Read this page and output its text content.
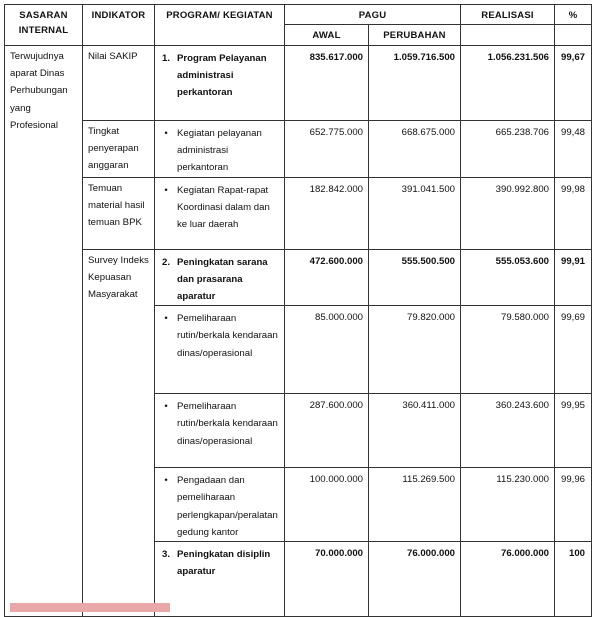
SASARAN INTERNAL	INDIKATOR	PROGRAM/ KEGIATAN	PAGU		REALISASI	%

			AWAL	PERUBAHAN		

Terwujudnya aparat Dinas Perhubungan yang Profesional	Nilai SAKIP	1. Program Pelayanan administrasi perkantoran	835.617.000	1.059.716.500	1.056.231.506	99,67
	Tingkat penyerapan anggaran	• Kegiatan pelayanan administrasi perkantoran	652.775.000	668.675.000	665.238.706	99,48
	Temuan material hasil temuan BPK	• Kegiatan Rapat-rapat Koordinasi dalam dan ke luar daerah	182.842.000	391.041.500	390.992.800	99,98
	Survey Indeks Kepuasan Masyarakat	2. Peningkatan sarana dan prasarana aparatur	472.600.000	555.500.500	555.053.600	99,91

		• Pemeliharaan rutin/berkala kendaraan dinas/operasional	85.000.000	79.820.000	79.580.000	99,69

		• Pemeliharaan rutin/berkala kendaraan dinas/operasional	287.600.000	360.411.000	360.243.600	99,95

		• Pengadaan dan pemeliharaan perlengkapan/peralatan gedung kantor	100.000.000	115.269.500	115.230.000	99,96

		3. Peningkatan disiplin aparatur	70.000.000	76.000.000	76.000.000	100
